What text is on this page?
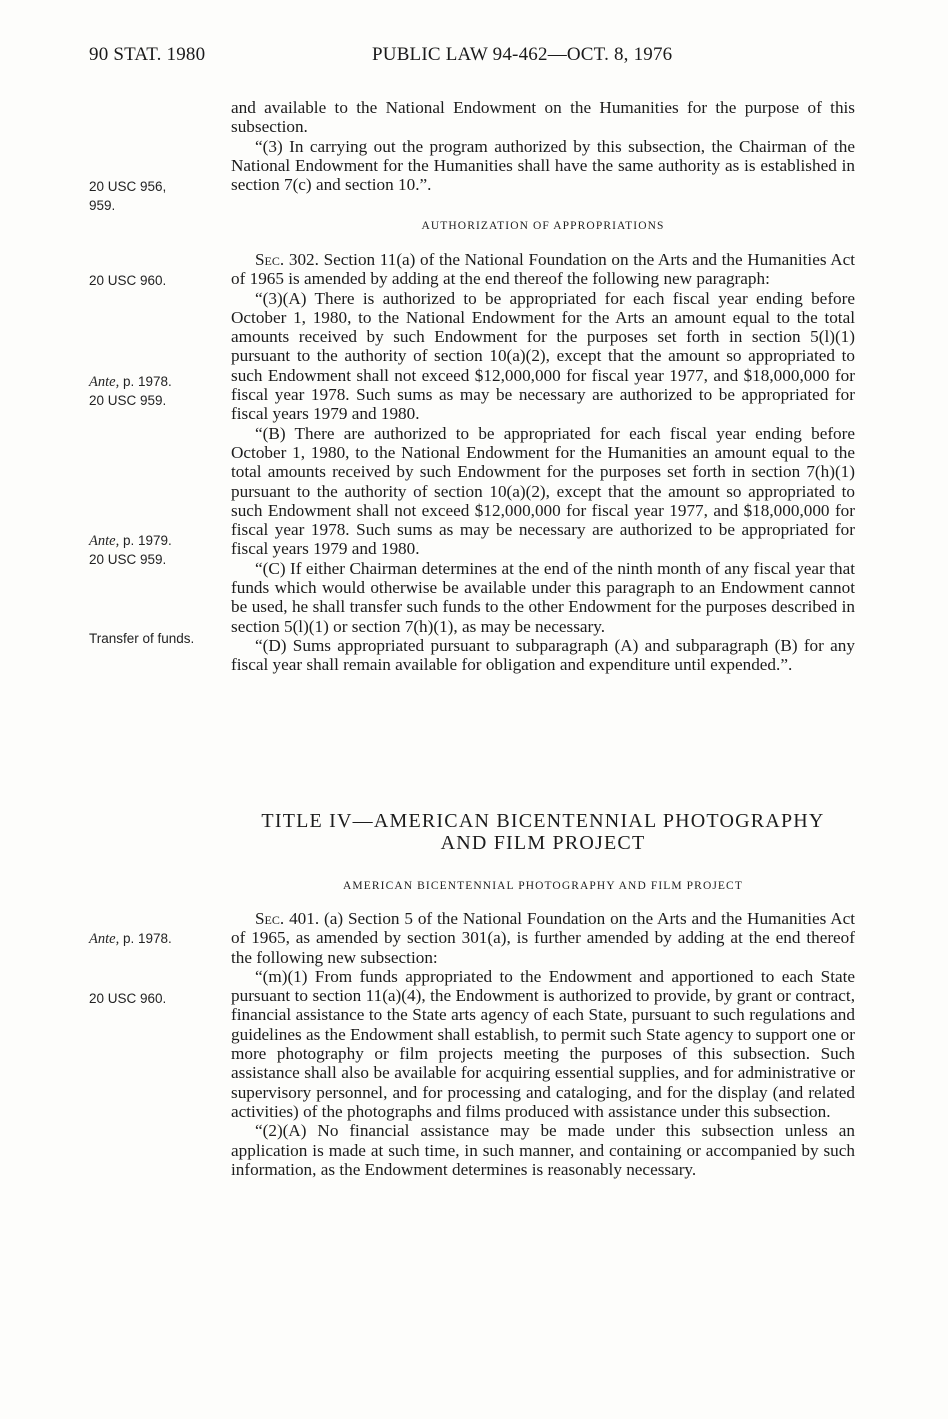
90 STAT. 1980	PUBLIC LAW 94-462—OCT. 8, 1976
20 USC 956,
959.
20 USC 960.
Ante, p. 1978.
20 USC 959.
Ante, p. 1979.
20 USC 959.
Transfer of funds.
Ante, p. 1978.
20 USC 960.

and available to the National Endowment on the Humanities for the purpose of this subsection.

“(3) In carrying out the program authorized by this subsection, the Chairman of the National Endowment for the Humanities shall have the same authority as is established in section 7(c) and section 10.”.

AUTHORIZATION OF APPROPRIATIONS

Sec. 302. Section 11(a) of the National Foundation on the Arts and the Humanities Act of 1965 is amended by adding at the end thereof the following new paragraph:

“(3)(A) There is authorized to be appropriated for each fiscal year ending before October 1, 1980, to the National Endowment for the Arts an amount equal to the total amounts received by such Endowment for the purposes set forth in section 5(l)(1) pursuant to the authority of section 10(a)(2), except that the amount so appropriated to such Endowment shall not exceed $12,000,000 for fiscal year 1977, and $18,000,000 for fiscal year 1978. Such sums as may be necessary are authorized to be appropriated for fiscal years 1979 and 1980.

“(B) There are authorized to be appropriated for each fiscal year ending before October 1, 1980, to the National Endowment for the Humanities an amount equal to the total amounts received by such Endowment for the purposes set forth in section 7(h)(1) pursuant to the authority of section 10(a)(2), except that the amount so appropriated to such Endowment shall not exceed $12,000,000 for fiscal year 1977, and $18,000,000 for fiscal year 1978. Such sums as may be necessary are authorized to be appropriated for fiscal years 1979 and 1980.

“(C) If either Chairman determines at the end of the ninth month of any fiscal year that funds which would otherwise be available under this paragraph to an Endowment cannot be used, he shall transfer such funds to the other Endowment for the purposes described in section 5(l)(1) or section 7(h)(1), as may be necessary.

“(D) Sums appropriated pursuant to subparagraph (A) and subparagraph (B) for any fiscal year shall remain available for obligation and expenditure until expended.”.

TITLE IV—AMERICAN BICENTENNIAL PHOTOGRAPHY
AND FILM PROJECT
AMERICAN BICENTENNIAL PHOTOGRAPHY AND FILM PROJECT

Sec. 401. (a) Section 5 of the National Foundation on the Arts and the Humanities Act of 1965, as amended by section 301(a), is further amended by adding at the end thereof the following new subsection:

“(m)(1) From funds appropriated to the Endowment and apportioned to each State pursuant to section 11(a)(4), the Endowment is authorized to provide, by grant or contract, financial assistance to the State arts agency of each State, pursuant to such regulations and guidelines as the Endowment shall establish, to permit such State agency to support one or more photography or film projects meeting the purposes of this subsection. Such assistance shall also be available for acquiring essential supplies, and for administrative or supervisory personnel, and for processing and cataloging, and for the display (and related activities) of the photographs and films produced with assistance under this subsection.

“(2)(A) No financial assistance may be made under this subsection unless an application is made at such time, in such manner, and containing or accompanied by such information, as the Endowment determines is reasonably necessary.
